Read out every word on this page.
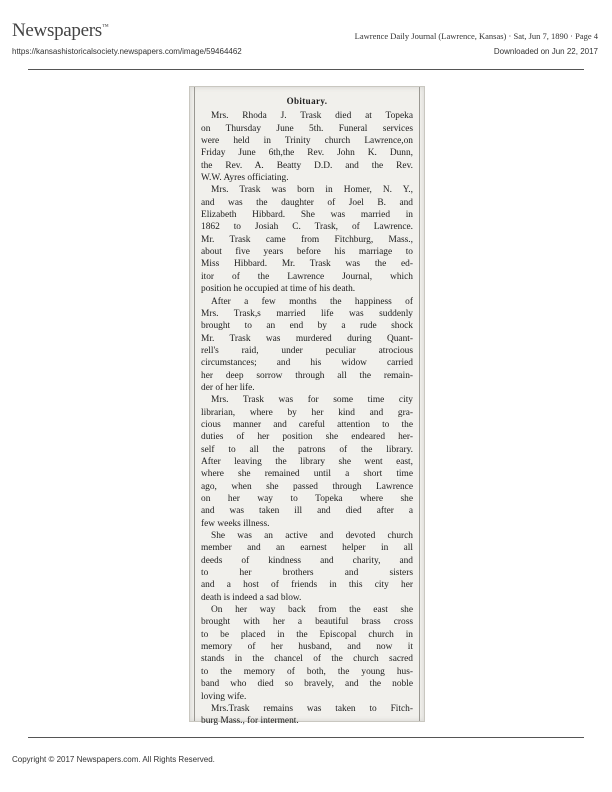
Newspapers™
Lawrence Daily Journal (Lawrence, Kansas) · Sat, Jun 7, 1890 · Page 4
https://kansashistoricalsociety.newspapers.com/image/59464462	Downloaded on Jun 22, 2017
Obituary.
Mrs. Rhoda J. Trask died at Topeka
on Thursday June 5th. Funeral services
were held in Trinity church Lawrence,on
Friday June 6th,the Rev. John K. Dunn,
the Rev. A. Beatty D.D. and the Rev.
W.W. Ayres officiating.
Mrs. Trask was born in Homer, N. Y.,
and was the daughter of Joel B. and
Elizabeth Hibbard. She was married in
1862 to Josiah C. Trask, of Lawrence.
Mr. Trask came from Fitchburg, Mass.,
about five years before his marriage to
Miss Hibbard. Mr. Trask was the ed-
itor of the Lawrence Journal, which
position he occupied at time of his death.
After a few months the happiness of
Mrs. Trask,s married life was suddenly
brought to an end by a rude shock
Mr. Trask was murdered during Quant-
rell's raid, under peculiar atrocious
circumstances; and his widow carried
her deep sorrow through all the remain-
der of her life.
Mrs. Trask was for some time city
librarian, where by her kind and gra-
cious manner and careful attention to the
duties of her position she endeared her-
self to all the patrons of the library.
After leaving the library she went east,
where she remained until a short time
ago, when she passed through Lawrence
on her way to Topeka where she
and was taken ill and died after a
few weeks illness.
She was an active and devoted church
member and an earnest helper in all
deeds of kindness and charity, and
to her brothers and sisters
and a host of friends in this city her
death is indeed a sad blow.
On her way back from the east she
brought with her a beautiful brass cross
to be placed in the Episcopal church in
memory of her husband, and now it
stands in the chancel of the church sacred
to the memory of both, the young hus-
band who died so bravely, and the noble
loving wife.
Mrs.Trask remains was taken to Fitch-
burg Mass., for interment.
Copyright © 2017 Newspapers.com. All Rights Reserved.
